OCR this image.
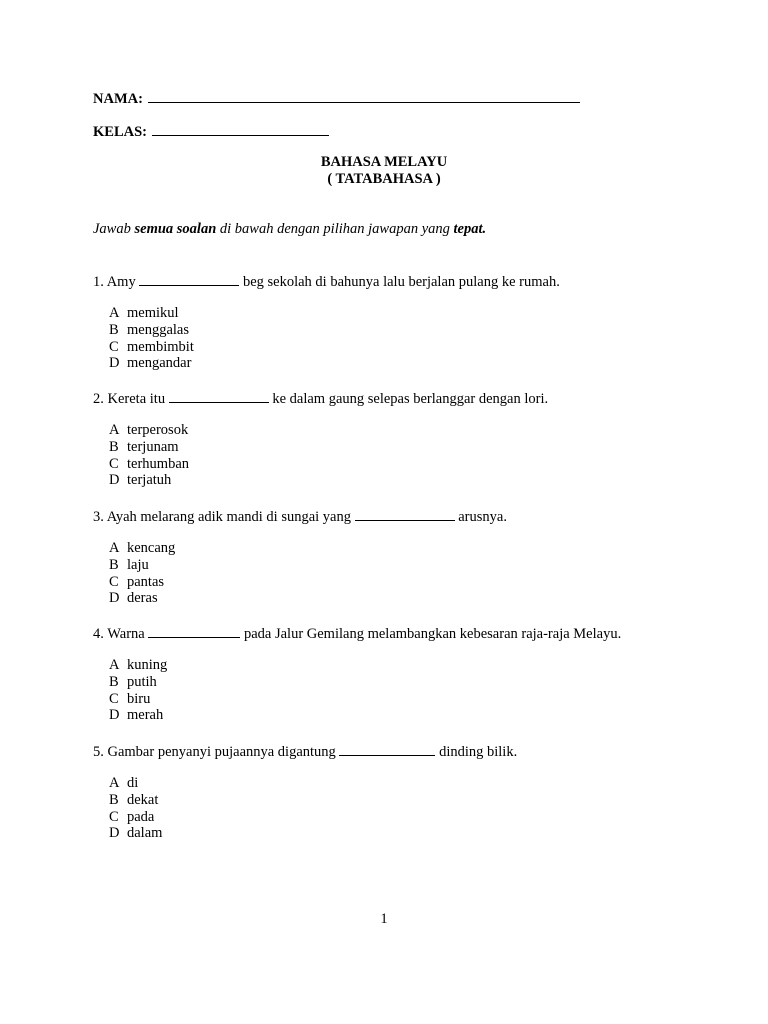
NAMA:
KELAS:
BAHASA MELAYU
( TATABAHASA )
Jawab semua soalan di bawah dengan pilihan jawapan yang tepat.
1. Amy	beg sekolah di bahunya lalu berjalan pulang ke rumah.
A memikul
B menggalas
C membimbit
D mengandar
2. Kereta itu	ke dalam gaung selepas berlanggar dengan lori.
A terperosok
B terjunam
C terhumban
D terjatuh
3. Ayah melarang adik mandi di sungai yang	arusnya.
A kencang
B laju
C pantas
D deras
4. Warna	pada Jalur Gemilang melambangkan kebesaran raja-raja Melayu.
A kuning
B putih
C biru
D merah
5. Gambar penyanyi pujaannya digantung	dinding bilik.
A di
B dekat
C pada
D dalam
1
